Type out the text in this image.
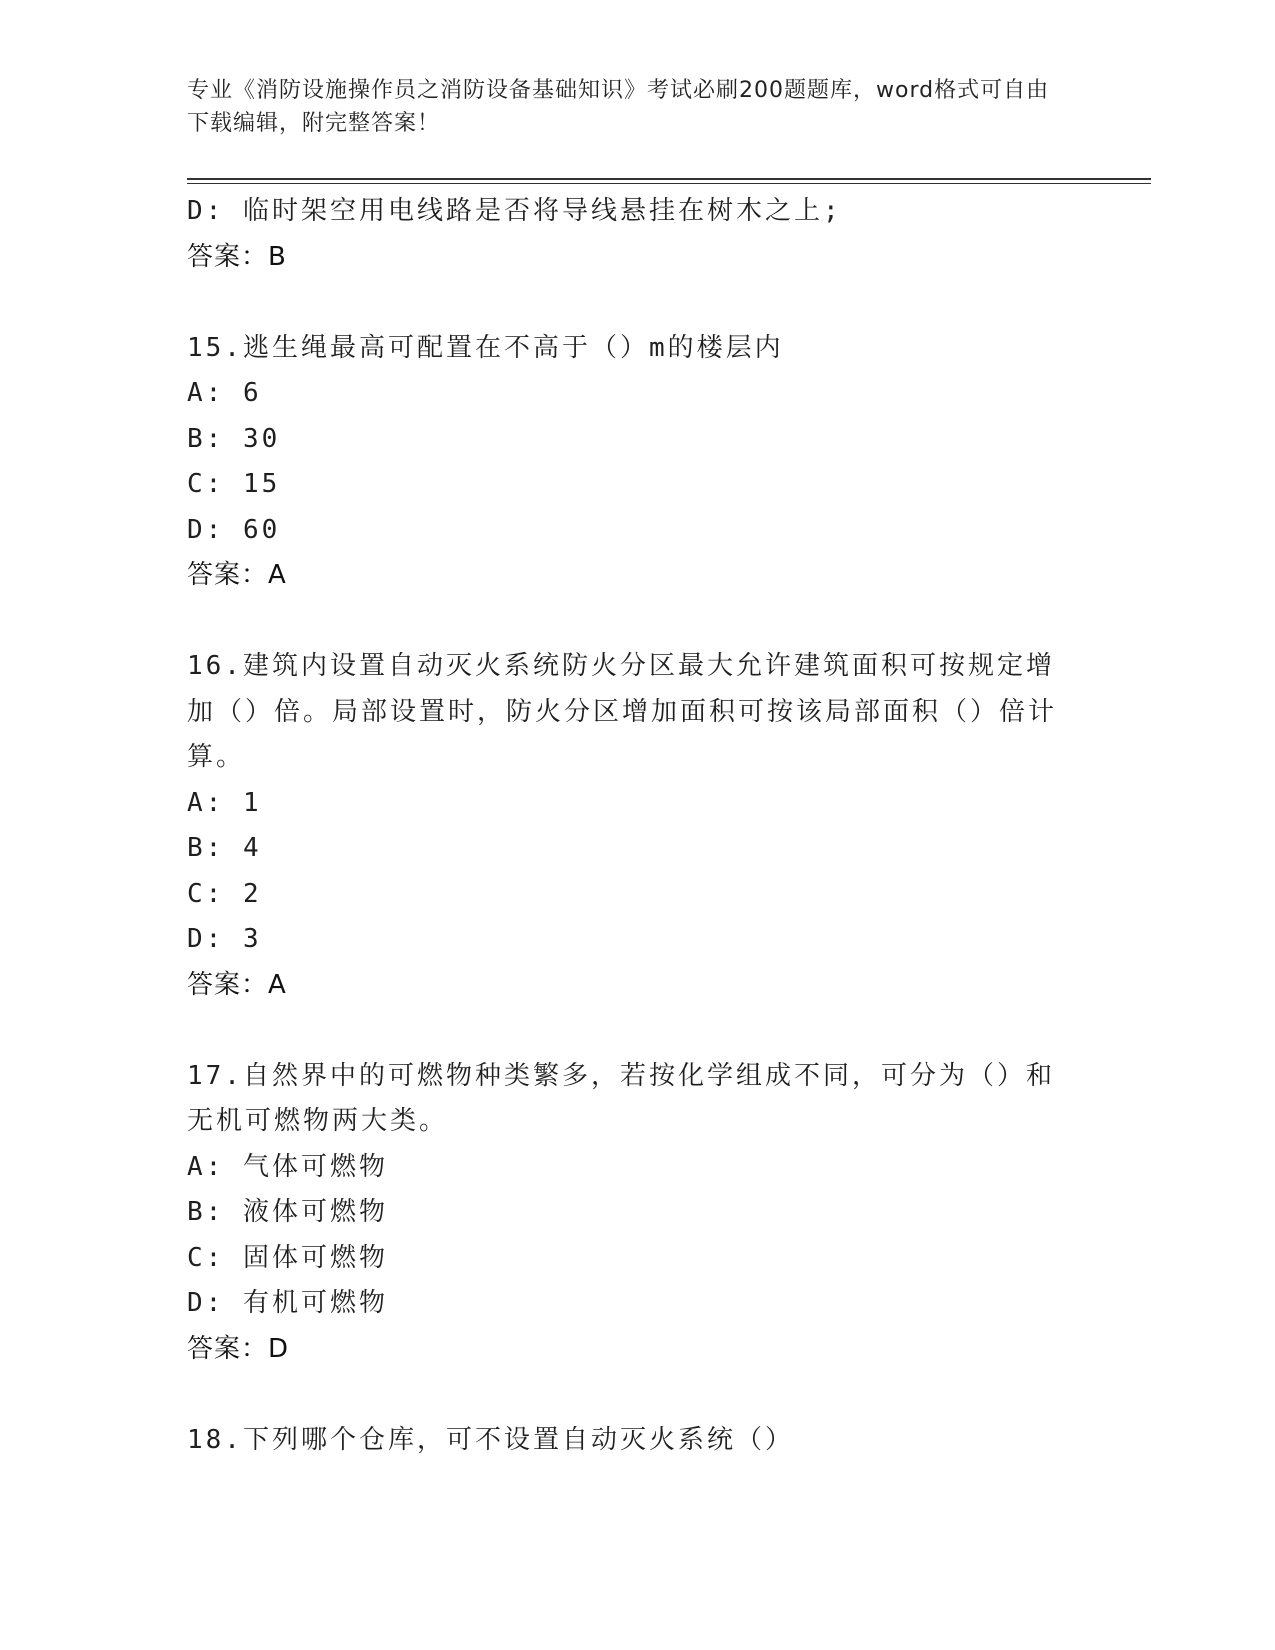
专业《消防设施操作员之消防设备基础知识》考试必刷200题题库，word格式可自由下载编辑，附完整答案！
D: 临时架空用电线路是否将导线悬挂在树木之上;
答案：B
15.逃生绳最高可配置在不高于（）m的楼层内
A: 6
B: 30
C: 15
D: 60
答案：A
16.建筑内设置自动灭火系统防火分区最大允许建筑面积可按规定增加（）倍。局部设置时，防火分区增加面积可按该局部面积（）倍计算。
A: 1
B: 4
C: 2
D: 3
答案：A
17.自然界中的可燃物种类繁多，若按化学组成不同，可分为（）和无机可燃物两大类。
A: 气体可燃物
B: 液体可燃物
C: 固体可燃物
D: 有机可燃物
答案：D
18.下列哪个仓库，可不设置自动灭火系统（）
